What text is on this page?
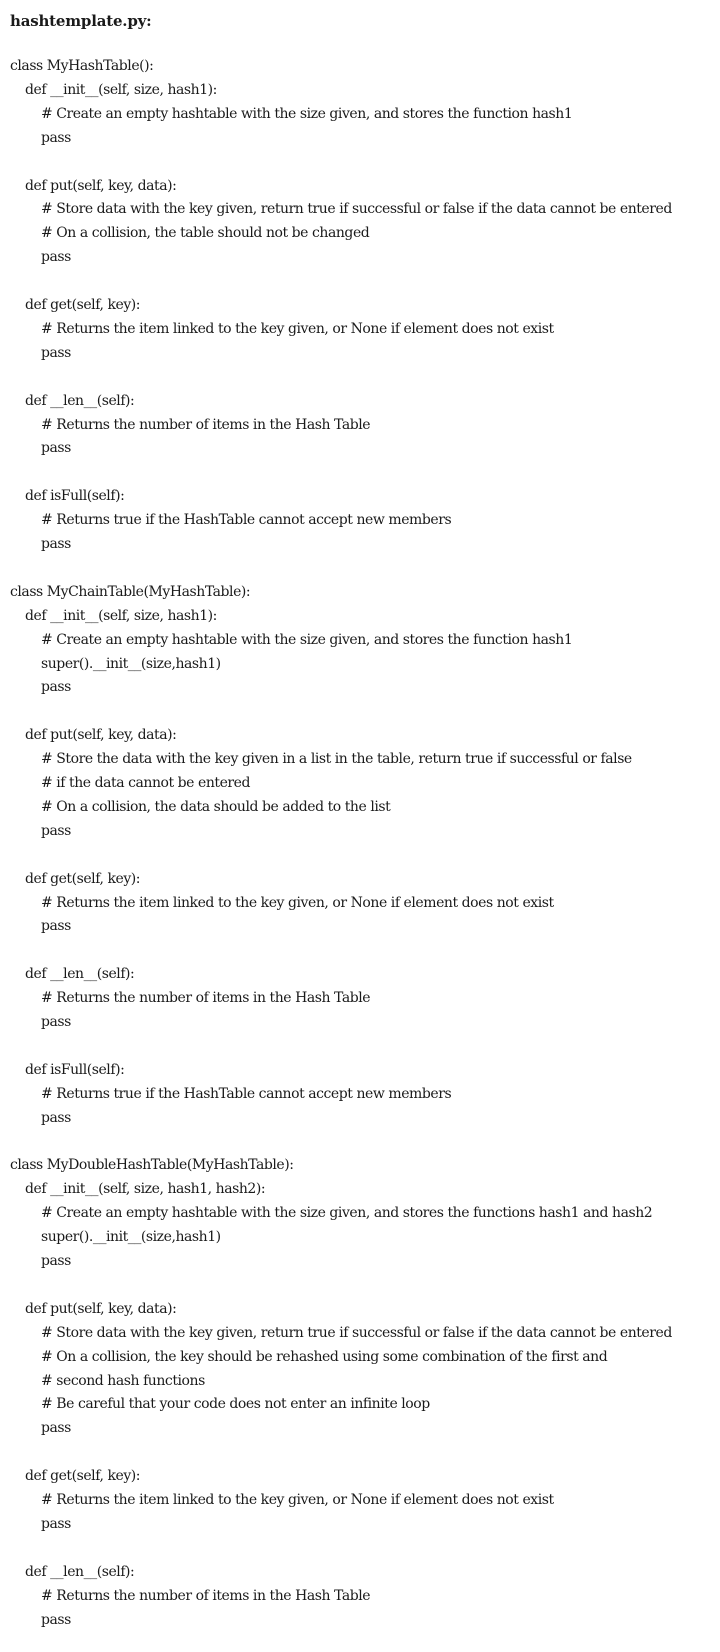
hashtemplate.py:
class MyHashTable():
def __init__(self, size, hash1):
# Create an empty hashtable with the size given, and stores the function hash1
pass
def put(self, key, data):
# Store data with the key given, return true if successful or false if the data cannot be entered
# On a collision, the table should not be changed
pass
def get(self, key):
# Returns the item linked to the key given, or None if element does not exist
pass
def __len__(self):
# Returns the number of items in the Hash Table
pass
def isFull(self):
# Returns true if the HashTable cannot accept new members
pass
class MyChainTable(MyHashTable):
def __init__(self, size, hash1):
# Create an empty hashtable with the size given, and stores the function hash1
super().__init__(size,hash1)
pass
def put(self, key, data):
# Store the data with the key given in a list in the table, return true if successful or false
# if the data cannot be entered
# On a collision, the data should be added to the list
pass
def get(self, key):
# Returns the item linked to the key given, or None if element does not exist
pass
def __len__(self):
# Returns the number of items in the Hash Table
pass
def isFull(self):
# Returns true if the HashTable cannot accept new members
pass
class MyDoubleHashTable(MyHashTable):
def __init__(self, size, hash1, hash2):
# Create an empty hashtable with the size given, and stores the functions hash1 and hash2
super().__init__(size,hash1)
pass
def put(self, key, data):
# Store data with the key given, return true if successful or false if the data cannot be entered
# On a collision, the key should be rehashed using some combination of the first and
# second hash functions
# Be careful that your code does not enter an infinite loop
pass
def get(self, key):
# Returns the item linked to the key given, or None if element does not exist
pass
def __len__(self):
# Returns the number of items in the Hash Table
pass
